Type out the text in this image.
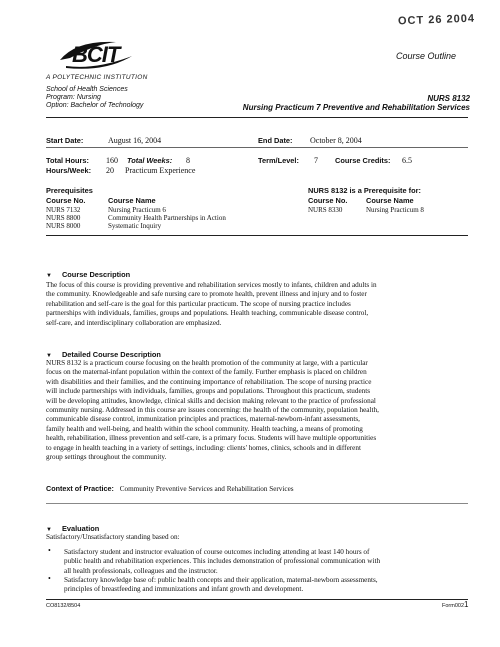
OCT 26 2004
BCIT
A POLYTECHNIC INSTITUTION
Course Outline
School of Health Sciences
Program: Nursing
Option: Bachelor of Technology
NURS 8132
Nursing Practicum 7 Preventive and Rehabilitation Services
Start Date:	August 16, 2004	End Date: October 8, 2004
Total Hours: 160 Total Weeks: 8	Term/Level: 7 Course Credits: 6.5
Hours/Week: 20 Practicum Experience
Prerequisites
Course No.	Course Name
NURS 7132	Nursing Practicum 6
NURS 8800	Community Health Partnerships in Action
NURS 8000	Systematic Inquiry
NURS 8132 is a Prerequisite for:
Course No.	Course Name
NURS 8330	Nursing Practicum 8
▼ Course Description
The focus of this course is providing preventive and rehabilitation services mostly to infants, children and adults in
the community. Knowledgeable and safe nursing care to promote health, prevent illness and injury and to foster
rehabilitation and self-care is the goal for this particular practicum. The scope of nursing practice includes
partnerships with individuals, families, groups and populations. Health teaching, communicable disease control,
self-care, and interdisciplinary collaboration are emphasized.
▼ Detailed Course Description
NURS 8132 is a practicum course focusing on the health promotion of the community at large, with a particular
focus on the maternal-infant population within the context of the family. Further emphasis is placed on children
with disabilities and their families, and the continuing importance of rehabilitation. The scope of nursing practice
will include partnerships with individuals, families, groups and populations. Throughout this practicum, students
will be developing attitudes, knowledge, clinical skills and decision making relevant to the practice of professional
community nursing. Addressed in this course are issues concerning: the health of the community, population health,
communicable disease control, immunization principles and practices, maternal-newborn-infant assessments,
family health and well-being, and health within the school community. Health teaching, a means of promoting
health, rehabilitation, illness prevention and self-care, is a primary focus. Students will have multiple opportunities
to engage in health teaching in a variety of settings, including: clients' homes, clinics, schools and in different
group settings throughout the community.
Context of Practice: Community Preventive Services and Rehabilitation Services
▼ Evaluation
Satisfactory/Unsatisfactory standing based on:
• Satisfactory student and instructor evaluation of course outcomes including attending at least 140 hours of
public health and rehabilitation experiences. This includes demonstration of professional communication with
all health professionals, colleagues and the instructor.
• Satisfactory knowledge base of: public health concepts and their application, maternal-newborn assessments,
principles of breastfeeding and immunizations and infant growth and development.
CO8132/8504	Form002 1
